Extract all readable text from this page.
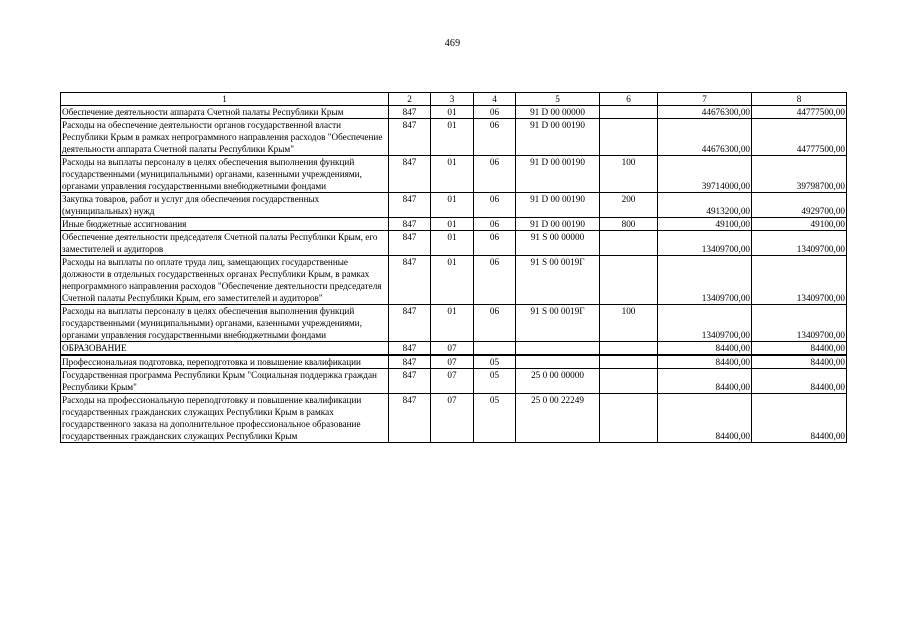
469
1	2	3	4	5	6	7	8
Обеспечение деятельности аппарата Счетной палаты Республики Крым	847	01	06	91 D 00 00000		44676300,00	44777500,00
Расходы на обеспечение деятельности органов государственной власти Республики Крым в рамках непрограммного направления расходов "Обеспечение деятельности аппарата Счетной палаты Республики Крым"	847	01	06	91 D 00 00190		44676300,00	44777500,00
Расходы на выплаты персоналу в целях обеспечения выполнения функций государственными (муниципальными) органами, казенными учреждениями, органами управления государственными внебюджетными фондами	847	01	06	91 D 00 00190	100	39714000,00	39798700,00
Закупка товаров, работ и услуг для обеспечения государственных (муниципальных) нужд	847	01	06	91 D 00 00190	200	4913200,00	4929700,00
Иные бюджетные ассигнования	847	01	06	91 D 00 00190	800	49100,00	49100,00
Обеспечение деятельности председателя Счетной палаты Республики Крым, его заместителей и аудиторов	847	01	06	91 S 00 00000		13409700,00	13409700,00
Расходы на выплаты по оплате труда лиц, замещающих государственные должности в отдельных государственных органах Республики Крым, в рамках непрограммного направления расходов "Обеспечение деятельности председателя Счетной палаты Республики Крым, его заместителей и аудиторов"	847	01	06	91 S 00 0019Г		13409700,00	13409700,00
Расходы на выплаты персоналу в целях обеспечения выполнения функций государственными (муниципальными) органами, казенными учреждениями, органами управления государственными внебюджетными фондами	847	01	06	91 S 00 0019Г	100	13409700,00	13409700,00
ОБРАЗОВАНИЕ	847	07				84400,00	84400,00
Профессиональная подготовка, переподготовка и повышение квалификации	847	07	05			84400,00	84400,00
Государственная программа Республики Крым "Социальная поддержка граждан Республики Крым"	847	07	05	25 0 00 00000		84400,00	84400,00
Расходы на профессиональную переподготовку и повышение квалификации государственных гражданских служащих Республики Крым в рамках государственного заказа на дополнительное профессиональное образование государственных гражданских служащих Республики Крым	847	07	05	25 0 00 22249		84400,00	84400,00
